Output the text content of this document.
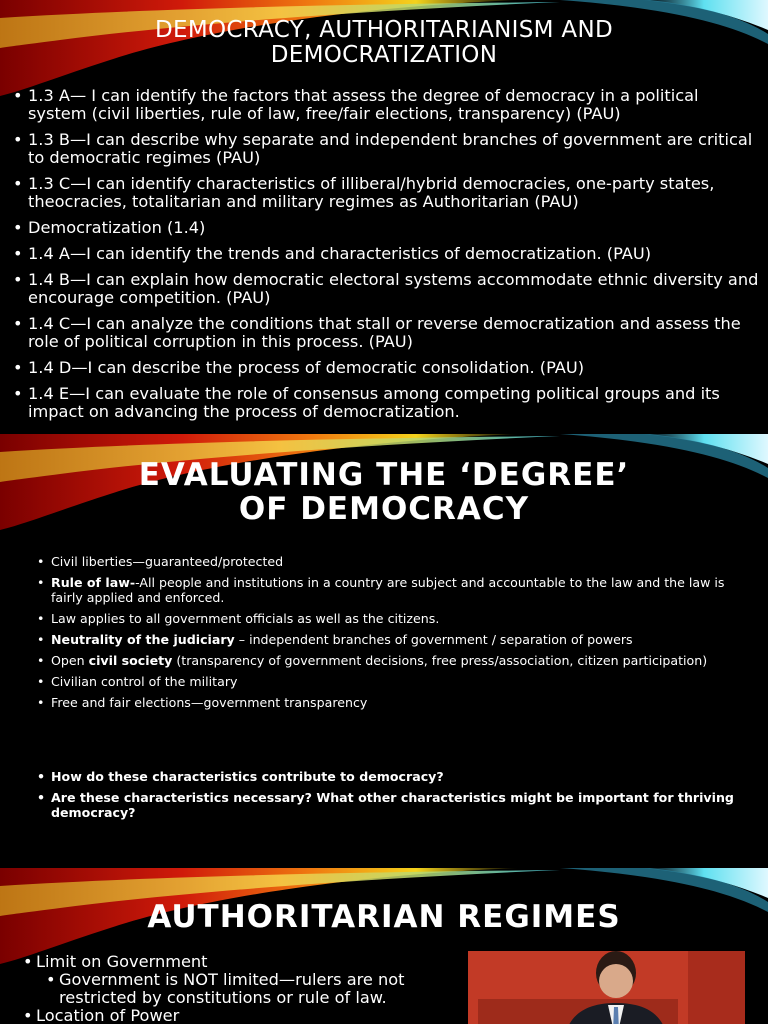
DEMOCRACY, AUTHORITARIANISM AND
DEMOCRATIZATION
• 1.3 A— I can identify the factors that assess the degree of democracy in a political system (civil liberties, rule of law, free/fair elections, transparency) (PAU)
• 1.3 B—I can describe why separate and independent branches of government are critical to democratic regimes (PAU)
• 1.3 C—I can identify characteristics of illiberal/hybrid democracies, one-party states, theocracies, totalitarian and military regimes as Authoritarian (PAU)
• Democratization (1.4)
• 1.4 A—I can identify the trends and characteristics of democratization. (PAU)
• 1.4 B—I can explain how democratic electoral systems accommodate ethnic diversity and encourage competition. (PAU)
• 1.4 C—I can analyze the conditions that stall or reverse democratization and assess the role of political corruption in this process. (PAU)
• 1.4 D—I can describe the process of democratic consolidation. (PAU)
• 1.4 E—I can evaluate the role of consensus among competing political groups and its impact on advancing the process of democratization.
EVALUATING THE ‘DEGREE’
OF DEMOCRACY
• Civil liberties—guaranteed/protected
• Rule of law--All people and institutions in a country are subject and accountable to the law and the law is fairly applied and enforced.
• Law applies to all government officials as well as the citizens.
• Neutrality of the judiciary – independent branches of government / separation of powers
• Open civil society (transparency of government decisions, free press/association, citizen participation)
• Civilian control of the military
• Free and fair elections—government transparency
• How do these characteristics contribute to democracy?
• Are these characteristics necessary? What other characteristics might be important for thriving democracy?
AUTHORITARIAN REGIMES
• Limit on Government
• Government is NOT limited—rulers are not restricted by constitutions or rule of law.
• Location of Power
